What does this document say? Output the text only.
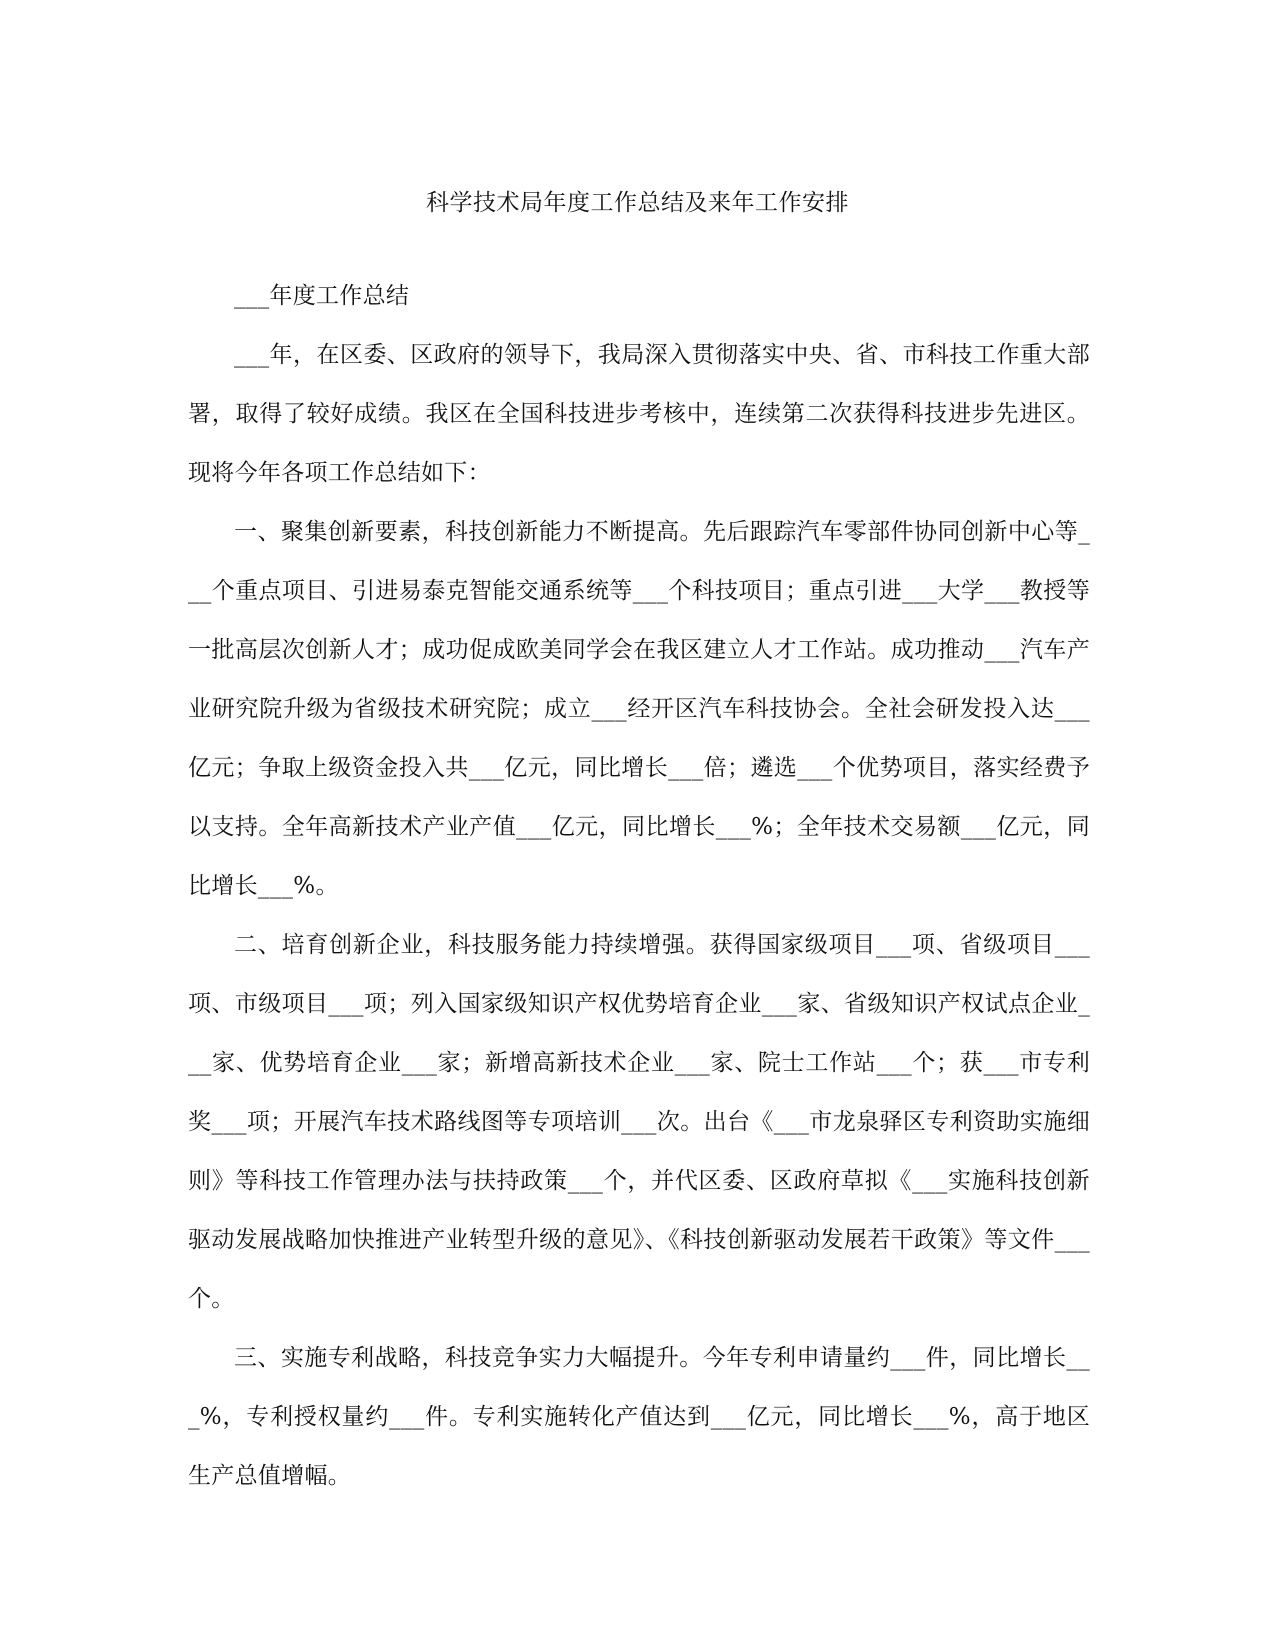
科学技术局年度工作总结及来年工作安排

___年度工作总结

___年，在区委、区政府的领导下，我局深入贯彻落实中央、省、市科技工作重大部署，取得了较好成绩。我区在全国科技进步考核中，连续第二次获得科技进步先进区。现将今年各项工作总结如下：

一、聚集创新要素，科技创新能力不断提高。先后跟踪汽车零部件协同创新中心等___个重点项目、引进易泰克智能交通系统等___个科技项目；重点引进___大学___教授等一批高层次创新人才；成功促成欧美同学会在我区建立人才工作站。成功推动___汽车产业研究院升级为省级技术研究院；成立___经开区汽车科技协会。全社会研发投入达___亿元；争取上级资金投入共___亿元，同比增长___倍；遴选___个优势项目，落实经费予以支持。全年高新技术产业产值___亿元，同比增长___%；全年技术交易额___亿元，同比增长___%。

二、培育创新企业，科技服务能力持续增强。获得国家级项目___项、省级项目___项、市级项目___项；列入国家级知识产权优势培育企业___家、省级知识产权试点企业___家、优势培育企业___家；新增高新技术企业___家、院士工作站___个；获___市专利奖___项；开展汽车技术路线图等专项培训___次。出台《___市龙泉驿区专利资助实施细则》等科技工作管理办法与扶持政策___个，并代区委、区政府草拟《___实施科技创新驱动发展战略加快推进产业转型升级的意见》、《科技创新驱动发展若干政策》等文件___个。

三、实施专利战略，科技竞争实力大幅提升。今年专利申请量约___件，同比增长___%，专利授权量约___件。专利实施转化产值达到___亿元，同比增长___%，高于地区生产总值增幅。
